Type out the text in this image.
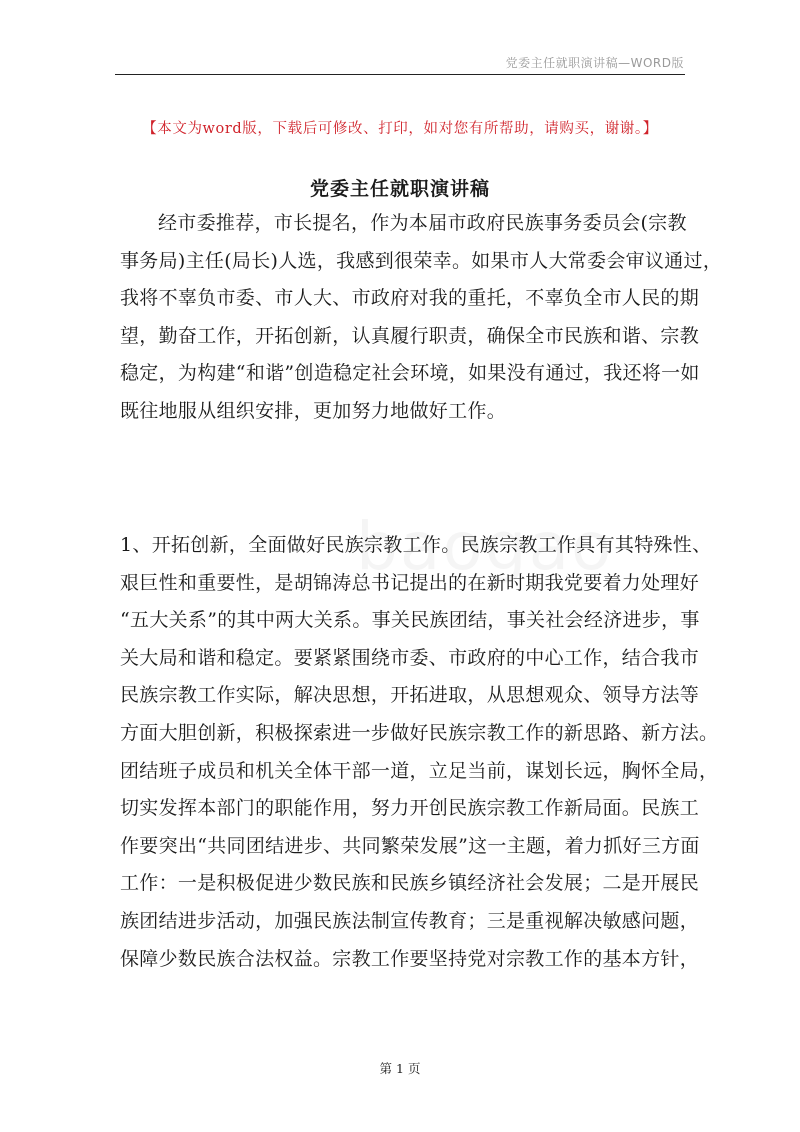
党委主任就职演讲稿—WORD版
【本文为word版，下载后可修改、打印，如对您有所帮助，请购买，谢谢。】
党委主任就职演讲稿
经市委推荐，市长提名，作为本届市政府民族事务委员会(宗教
事务局)主任(局长)人选，我感到很荣幸。如果市人大常委会审议通过，
我将不辜负市委、市人大、市政府对我的重托，不辜负全市人民的期
望，勤奋工作，开拓创新，认真履行职责，确保全市民族和谐、宗教
稳定，为构建“和谐”创造稳定社会环境，如果没有通过，我还将一如
既往地服从组织安排，更加努力地做好工作。
1、开拓创新，全面做好民族宗教工作。民族宗教工作具有其特殊性、
艰巨性和重要性，是胡锦涛总书记提出的在新时期我党要着力处理好
“五大关系”的其中两大关系。事关民族团结，事关社会经济进步，事
关大局和谐和稳定。要紧紧围绕市委、市政府的中心工作，结合我市
民族宗教工作实际，解决思想，开拓进取，从思想观众、领导方法等
方面大胆创新，积极探索进一步做好民族宗教工作的新思路、新方法。
团结班子成员和机关全体干部一道，立足当前，谋划长远，胸怀全局，
切实发挥本部门的职能作用，努力开创民族宗教工作新局面。民族工
作要突出“共同团结进步、共同繁荣发展”这一主题，着力抓好三方面
工作：一是积极促进少数民族和民族乡镇经济社会发展；二是开展民
族团结进步活动，加强民族法制宣传教育；三是重视解决敏感问题，
保障少数民族合法权益。宗教工作要坚持党对宗教工作的基本方针，
第 1 页
